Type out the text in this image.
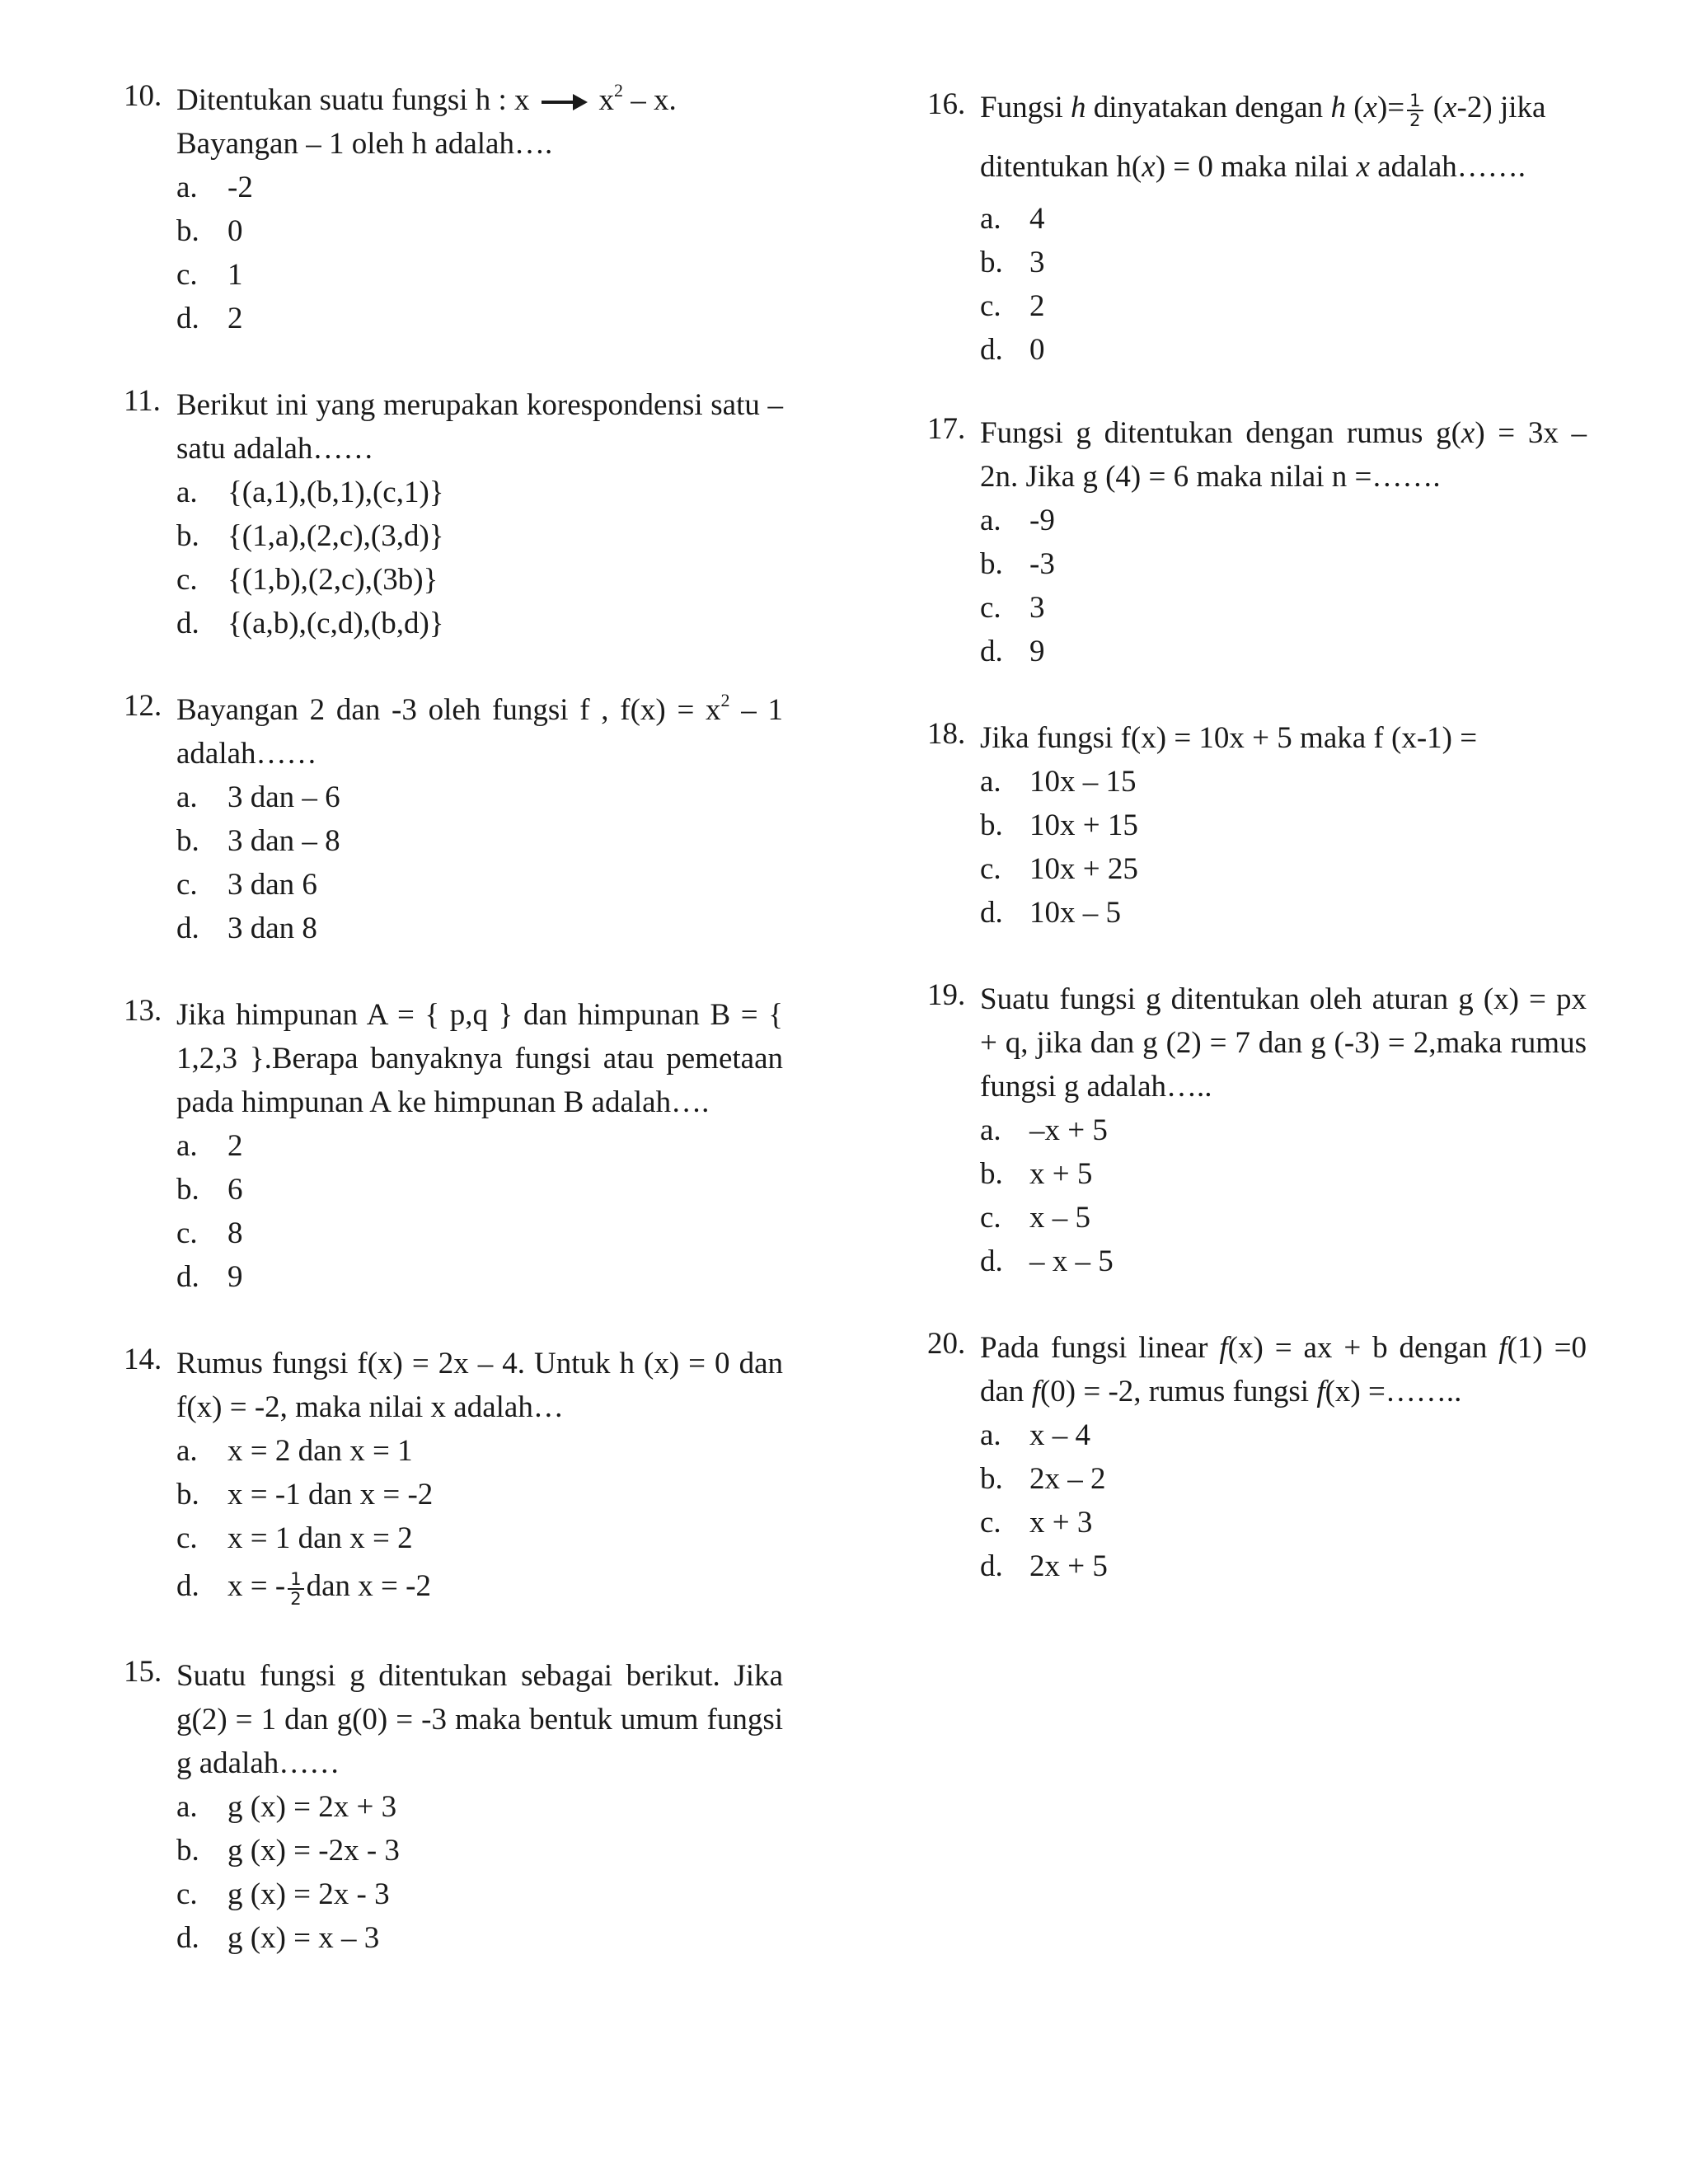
10. Ditentukan suatu fungsi h : x $x^2$ – x.
Bayangan – 1 oleh h adalah….
a. -2
b. 0
c. 1
d. 2
11. Berikut ini yang merupakan korespondensi satu – satu adalah……
a. {(a,1),(b,1),(c,1)}
b. {(1,a),(2,c),(3,d)}
c. {(1,b),(2,c),(3b)}
d. {(a,b),(c,d),(b,d)}
12. Bayangan 2 dan -3 oleh fungsi f , $f(x) = x^2 - 1$ adalah……
a. 3 dan – 6
b. 3 dan – 8
c. 3 dan 6
d. 3 dan 8
13. Jika himpunan A = { p,q } dan himpunan B = { 1,2,3 }.Berapa banyaknya fungsi atau pemetaan pada himpunan A ke himpunan B adalah….
a. 2
b. 6
c. 8
d. 9
14. Rumus fungsi f(x) = 2x – 4. Untuk h (x) = 0 dan f(x) = -2, maka nilai x adalah…
a. x = 2 dan x = 1
b. x = -1 dan x = -2
c. x = 1 dan x = 2
d. x = - $\frac{1}{2}$ dan x = -2
15. Suatu fungsi g ditentukan sebagai berikut. Jika g(2) = 1 dan g(0) = -3 maka bentuk umum fungsi g adalah……
a. g (x) = 2x + 3
b. g (x) = -2x - 3
c. g (x) = 2x - 3
d. g (x) = x – 3
16. Fungsi h dinyatakan dengan h $(x)= \frac{1}{2} (x-2)$ jika
ditentukan h(x) = 0 maka nilai x adalah…….
a. 4
b. 3
c. 2
d. 0
17. Fungsi g ditentukan dengan rumus g(x) = 3x – 2n. Jika g (4) = 6 maka nilai n =…….
a. -9
b. -3
c. 3
d. 9
18. Jika fungsi f(x) = 10x + 5 maka f (x-1) =
a. 10x – 15
b. 10x + 15
c. 10x + 25
d. 10x – 5
19. Suatu fungsi g ditentukan oleh aturan g (x) = px + q, jika dan g (2) = 7 dan g (-3) = 2,maka rumus fungsi g adalah…..
a. –x + 5
b. x + 5
c. x – 5
d. – x – 5
20. Pada fungsi linear f(x) = ax + b dengan f(1) =0 dan f(0) = -2, rumus fungsi f(x) =……..
a. x – 4
b. 2x – 2
c. x + 3
d. 2x + 5
